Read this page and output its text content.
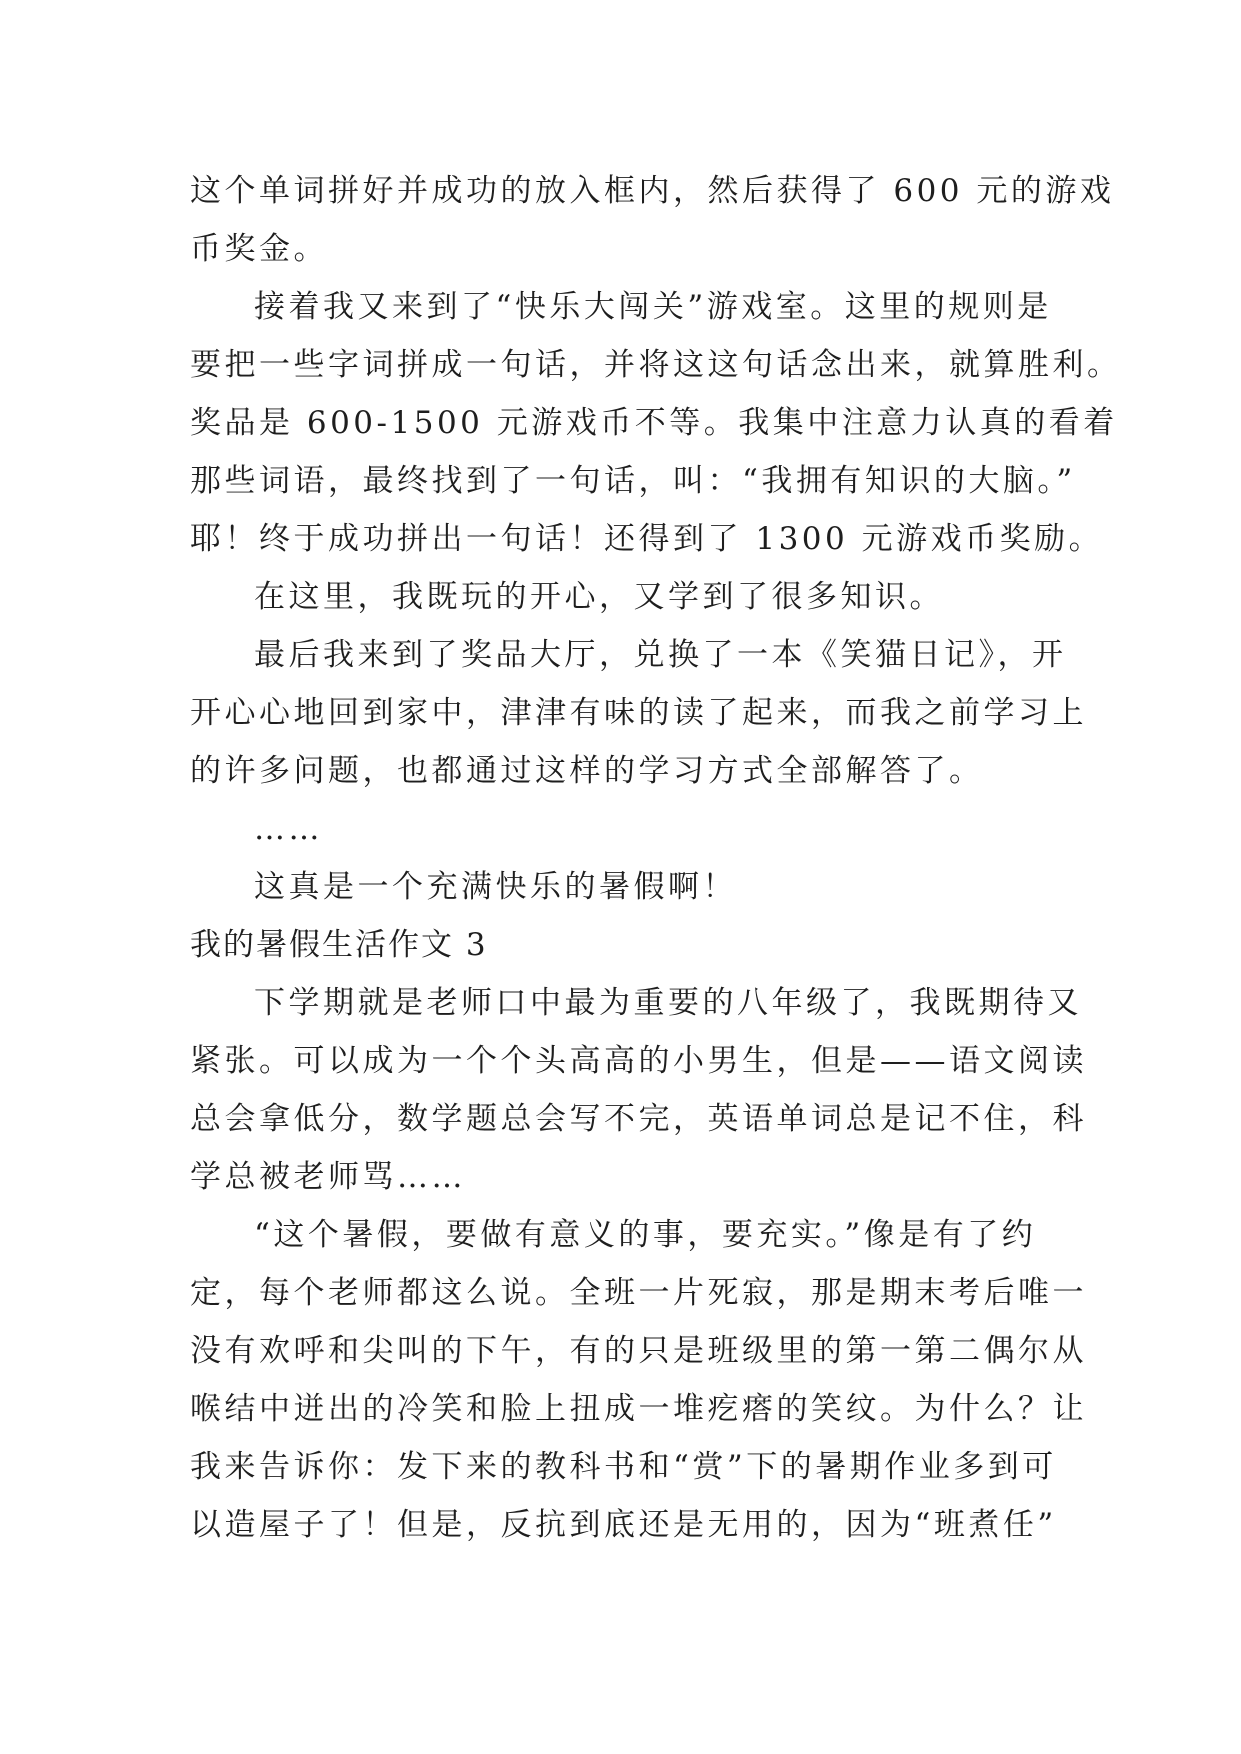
这个单词拼好并成功的放入框内，然后获得了 600 元的游戏
币奖金。
接着我又来到了“快乐大闯关”游戏室。这里的规则是
要把一些字词拼成一句话，并将这这句话念出来，就算胜利。
奖品是 600-1500 元游戏币不等。我集中注意力认真的看着
那些词语，最终找到了一句话，叫：“我拥有知识的大脑。”
耶！终于成功拼出一句话！还得到了 1300 元游戏币奖励。
在这里，我既玩的开心，又学到了很多知识。
最后我来到了奖品大厅，兑换了一本《笑猫日记》，开
开心心地回到家中，津津有味的读了起来，而我之前学习上
的许多问题，也都通过这样的学习方式全部解答了。
……
这真是一个充满快乐的暑假啊！
我的暑假生活作文 3
下学期就是老师口中最为重要的八年级了，我既期待又
紧张。可以成为一个个头高高的小男生，但是——语文阅读
总会拿低分，数学题总会写不完，英语单词总是记不住，科
学总被老师骂……
“这个暑假，要做有意义的事，要充实。”像是有了约
定，每个老师都这么说。全班一片死寂，那是期末考后唯一
没有欢呼和尖叫的下午，有的只是班级里的第一第二偶尔从
喉结中迸出的冷笑和脸上扭成一堆疙瘩的笑纹。为什么？让
我来告诉你：发下来的教科书和“赏”下的暑期作业多到可
以造屋子了！但是，反抗到底还是无用的，因为“班煮任”
